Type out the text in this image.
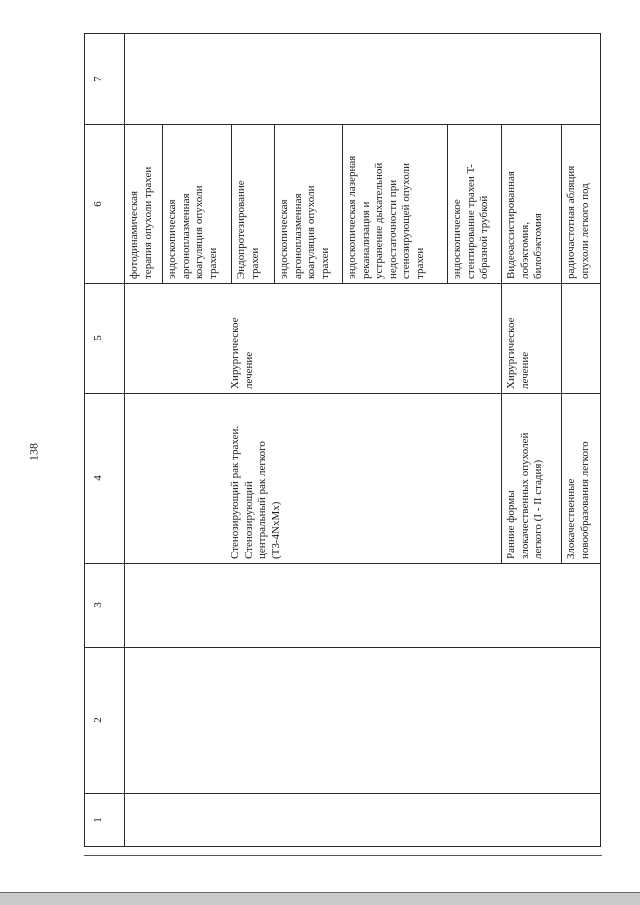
138
1
2
3
4
5
6
7
Стенозирующий рак трахеи.
Стенозирующий
центральный рак легкого
(T3-4NxMx)
Хирургическое
лечение
фотодинамическая
терапия опухоли трахеи
эндоскопическая
аргоноплазменная
коагуляция опухоли
трахеи Эндопротезирование
трахеи эндоскопическая
аргоноплазменная
коагуляция опухоли
трахеи эндоскопическая лазерная
реканализация и
устранение дыхательной
недостаточности при
стенозирующей опухоли
трахеи эндоскопическое
стентирование трахеи T-
образной трубкой
Ранние формы
злокачественных опухолей
легкого (I - II стадия)
Хирургическое
лечение
Видеоассистированная
лобэктомия,
билобэктомия
Злокачественные
новообразования легкого
радиочастотная абляция
опухоли легкого под
